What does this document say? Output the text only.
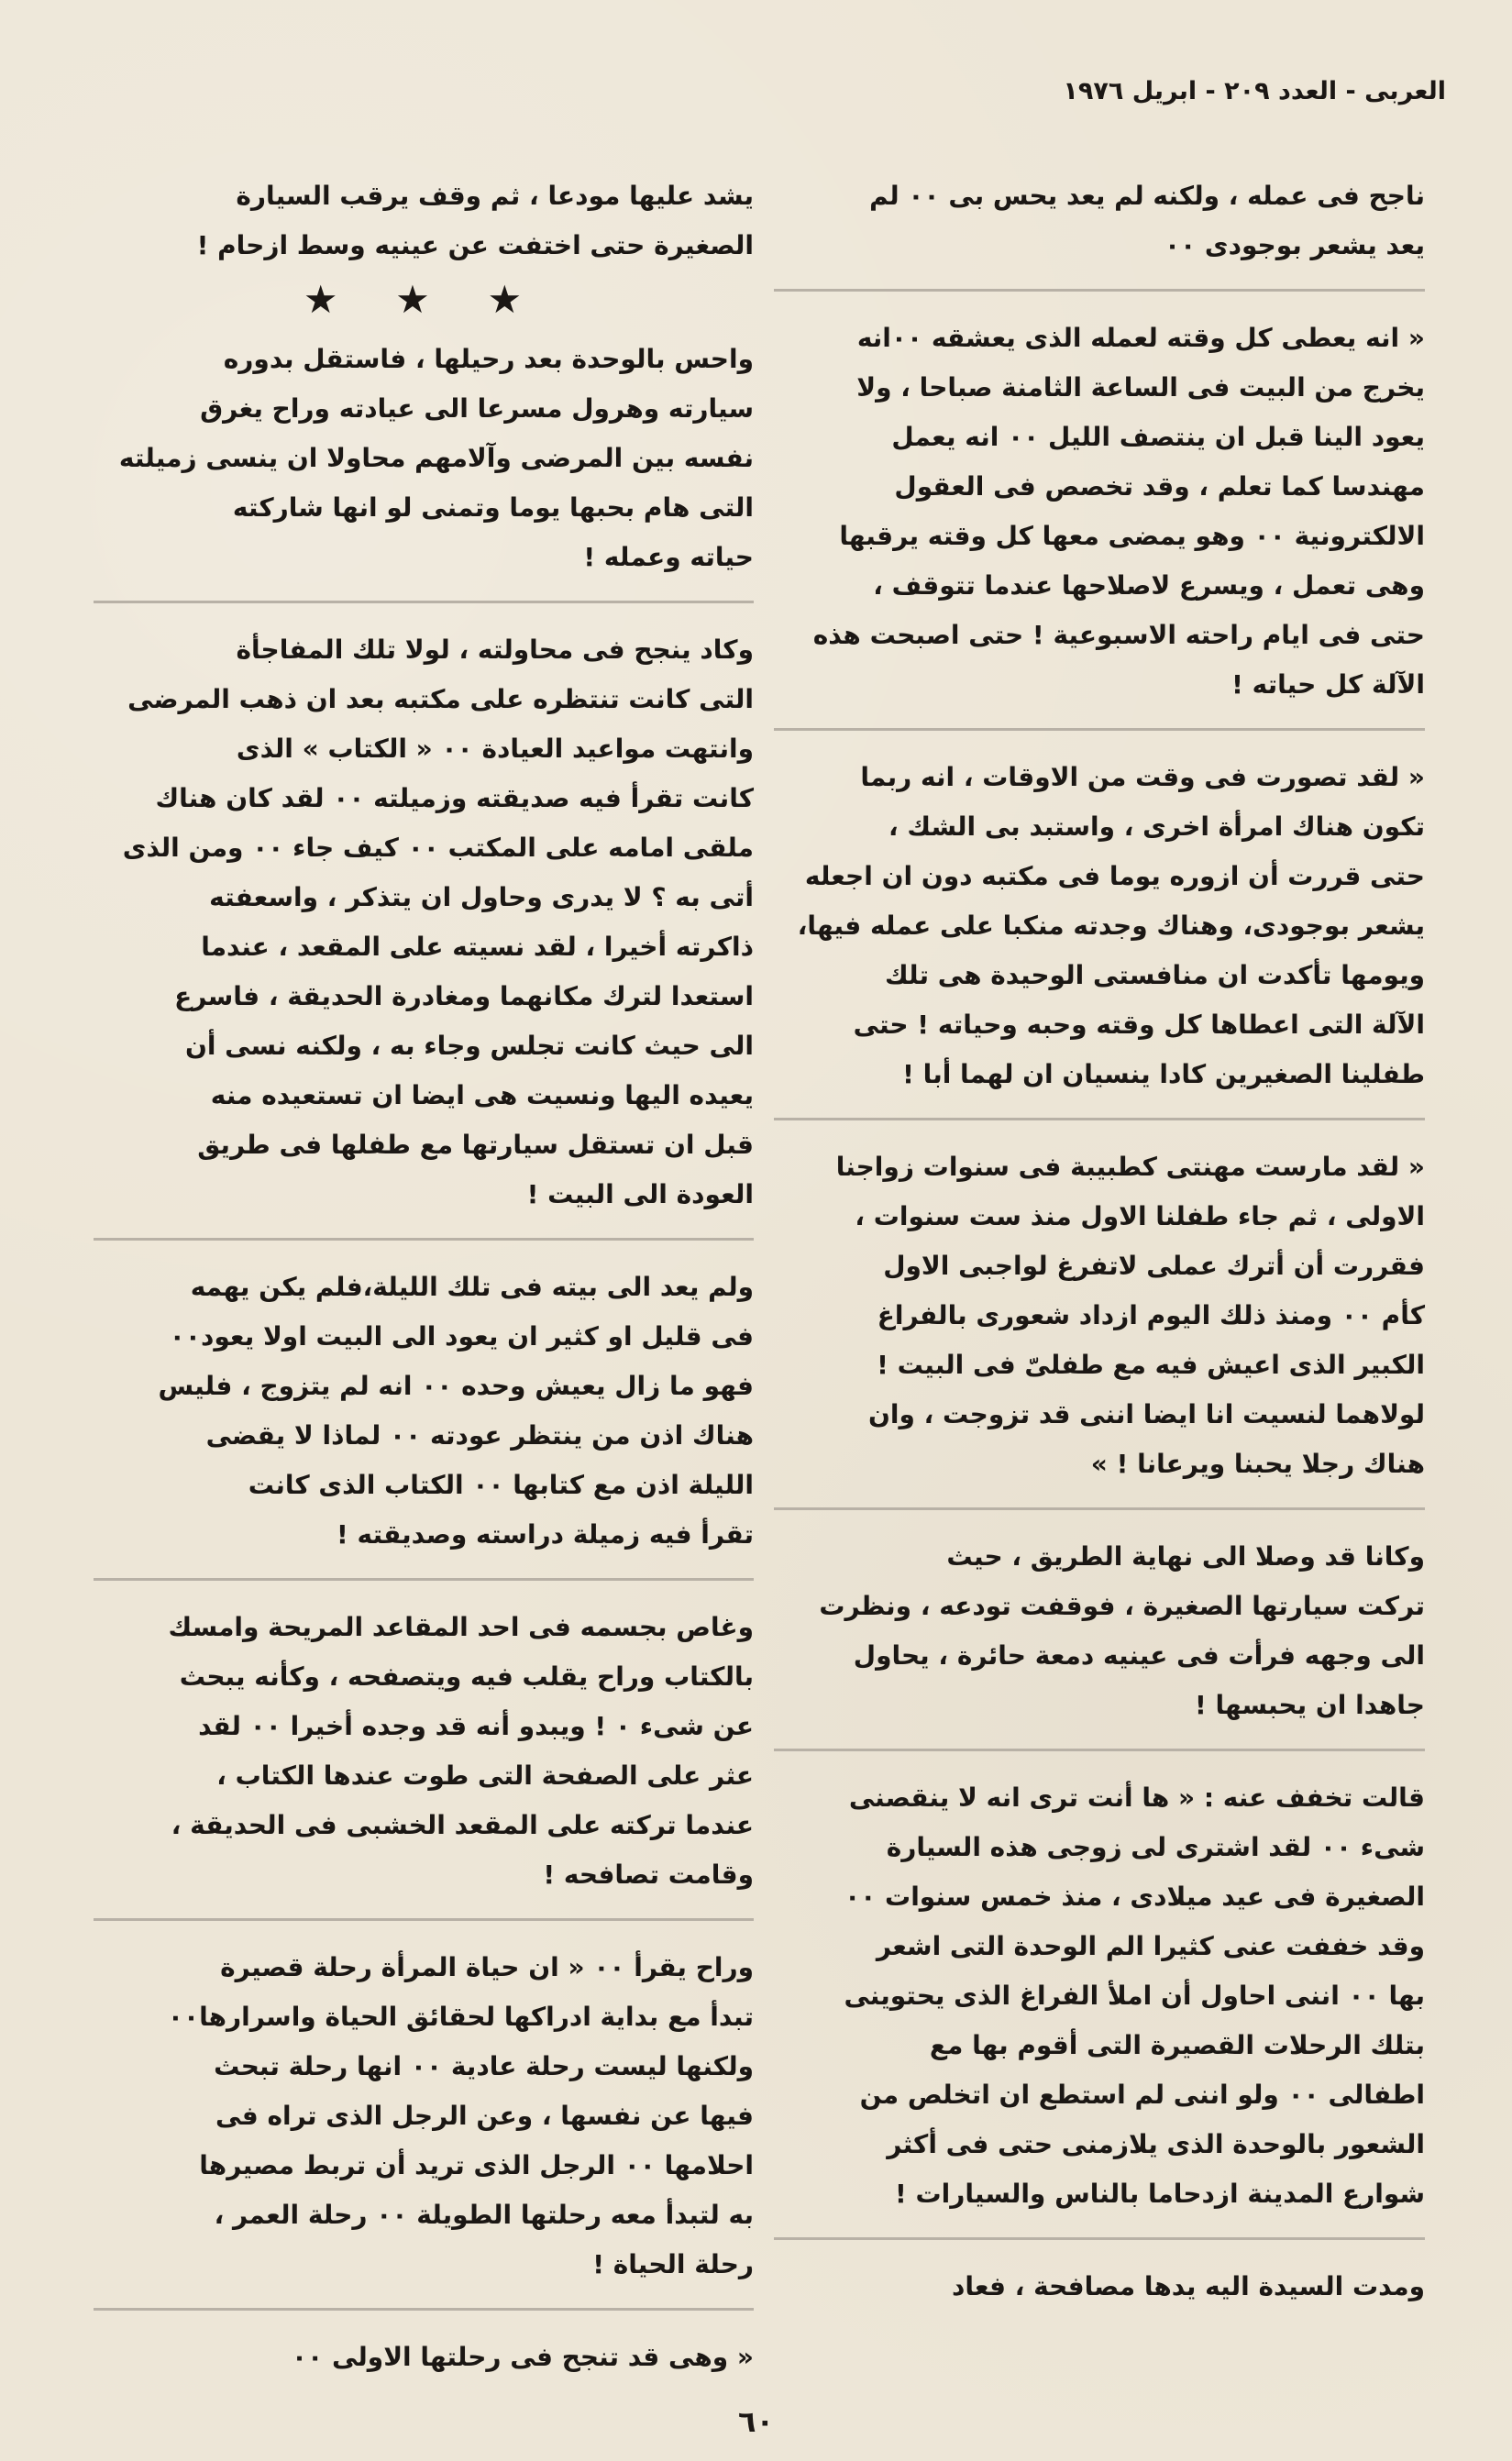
العربى - العدد ٢٠٩ - ابريل ١٩٧٦

ناجح فى عمله ، ولكنه لم يعد يحس بى ٠٠ لم
يعد يشعر بوجودى ٠٠

« انه يعطى كل وقته لعمله الذى يعشقه ٠٠انه
يخرج من البيت فى الساعة الثامنة صباحا ، ولا
يعود الينا قبل ان ينتصف الليل ٠٠ انه يعمل
مهندسا كما تعلم ، وقد تخصص فى العقول
الالكترونية ٠٠ وهو يمضى معها كل وقته يرقبها
وهى تعمل ، ويسرع لاصلاحها عندما تتوقف ،
حتى فى ايام راحته الاسبوعية ! حتى اصبحت هذه
الآلة كل حياته !

« لقد تصورت فى وقت من الاوقات ، انه ربما
تكون هناك امرأة اخرى ، واستبد بى الشك ،
حتى قررت أن ازوره يوما فى مكتبه دون ان اجعله
يشعر بوجودى، وهناك وجدته منكبا على عمله فيها،
ويومها تأكدت ان منافستى الوحيدة هى تلك
الآلة التى اعطاها كل وقته وحبه وحياته ! حتى
طفلينا الصغيرين كادا ينسيان ان لهما أبا !

« لقد مارست مهنتى كطبيبة فى سنوات زواجنا
الاولى ، ثم جاء طفلنا الاول منذ ست سنوات ،
فقررت أن أترك عملى لاتفرغ لواجبى الاول
كأم ٠٠ ومنذ ذلك اليوم ازداد شعورى بالفراغ
الكبير الذى اعيش فيه مع طفلىّ فى البيت !
لولاهما لنسيت انا ايضا اننى قد تزوجت ، وان
هناك رجلا يحبنا ويرعانا ! »

وكانا قد وصلا الى نهاية الطريق ، حيث
تركت سيارتها الصغيرة ، فوقفت تودعه ، ونظرت
الى وجهه فرأت فى عينيه دمعة حائرة ، يحاول
جاهدا ان يحبسها !

قالت تخفف عنه : « ها أنت ترى انه لا ينقصنى
شىء ٠٠ لقد اشترى لى زوجى هذه السيارة
الصغيرة فى عيد ميلادى ، منذ خمس سنوات ٠٠
وقد خففت عنى كثيرا الم الوحدة التى اشعر
بها ٠٠ اننى احاول أن املأ الفراغ الذى يحتوينى
بتلك الرحلات القصيرة التى أقوم بها مع
اطفالى ٠٠ ولو اننى لم استطع ان اتخلص من
الشعور بالوحدة الذى يلازمنى حتى فى أكثر
شوارع المدينة ازدحاما بالناس والسيارات !

ومدت السيدة اليه يدها مصافحة ، فعاد

يشد عليها مودعا ، ثم وقف يرقب السيارة
الصغيرة حتى اختفت عن عينيه وسط ازحام !

★ ★ ★

واحس بالوحدة بعد رحيلها ، فاستقل بدوره
سيارته وهرول مسرعا الى عيادته وراح يغرق
نفسه بين المرضى وآلامهم محاولا ان ينسى زميلته
التى هام بحبها يوما وتمنى لو انها شاركته
حياته وعمله !

وكاد ينجح فى محاولته ، لولا تلك المفاجأة
التى كانت تنتظره على مكتبه بعد ان ذهب المرضى
وانتهت مواعيد العيادة ٠٠ « الكتاب » الذى
كانت تقرأ فيه صديقته وزميلته ٠٠ لقد كان هناك
ملقى امامه على المكتب ٠٠ كيف جاء ٠٠ ومن الذى
أتى به ؟ لا يدرى وحاول ان يتذكر ، واسعفته
ذاكرته أخيرا ، لقد نسيته على المقعد ، عندما
استعدا لترك مكانهما ومغادرة الحديقة ، فاسرع
الى حيث كانت تجلس وجاء به ، ولكنه نسى أن
يعيده اليها ونسيت هى ايضا ان تستعيده منه
قبل ان تستقل سيارتها مع طفلها فى طريق
العودة الى البيت !

ولم يعد الى بيته فى تلك الليلة،فلم يكن يهمه
فى قليل او كثير ان يعود الى البيت اولا يعود٠٠
فهو ما زال يعيش وحده ٠٠ انه لم يتزوج ، فليس
هناك اذن من ينتظر عودته ٠٠ لماذا لا يقضى
الليلة اذن مع كتابها ٠٠ الكتاب الذى كانت
تقرأ فيه زميلة دراسته وصديقته !

وغاص بجسمه فى احد المقاعد المريحة وامسك
بالكتاب وراح يقلب فيه ويتصفحه ، وكأنه يبحث
عن شىء ٠ ! ويبدو أنه قد وجده أخيرا ٠٠ لقد
عثر على الصفحة التى طوت عندها الكتاب ،
عندما تركته على المقعد الخشبى فى الحديقة ،
وقامت تصافحه !

وراح يقرأ ٠٠ « ان حياة المرأة رحلة قصيرة
تبدأ مع بداية ادراكها لحقائق الحياة واسرارها٠٠
ولكنها ليست رحلة عادية ٠٠ انها رحلة تبحث
فيها عن نفسها ، وعن الرجل الذى تراه فى
احلامها ٠٠ الرجل الذى تريد أن تربط مصيرها
به لتبدأ معه رحلتها الطويلة ٠٠ رحلة العمر ،
رحلة الحياة !

« وهى قد تنجح فى رحلتها الاولى ٠٠

٦٠
